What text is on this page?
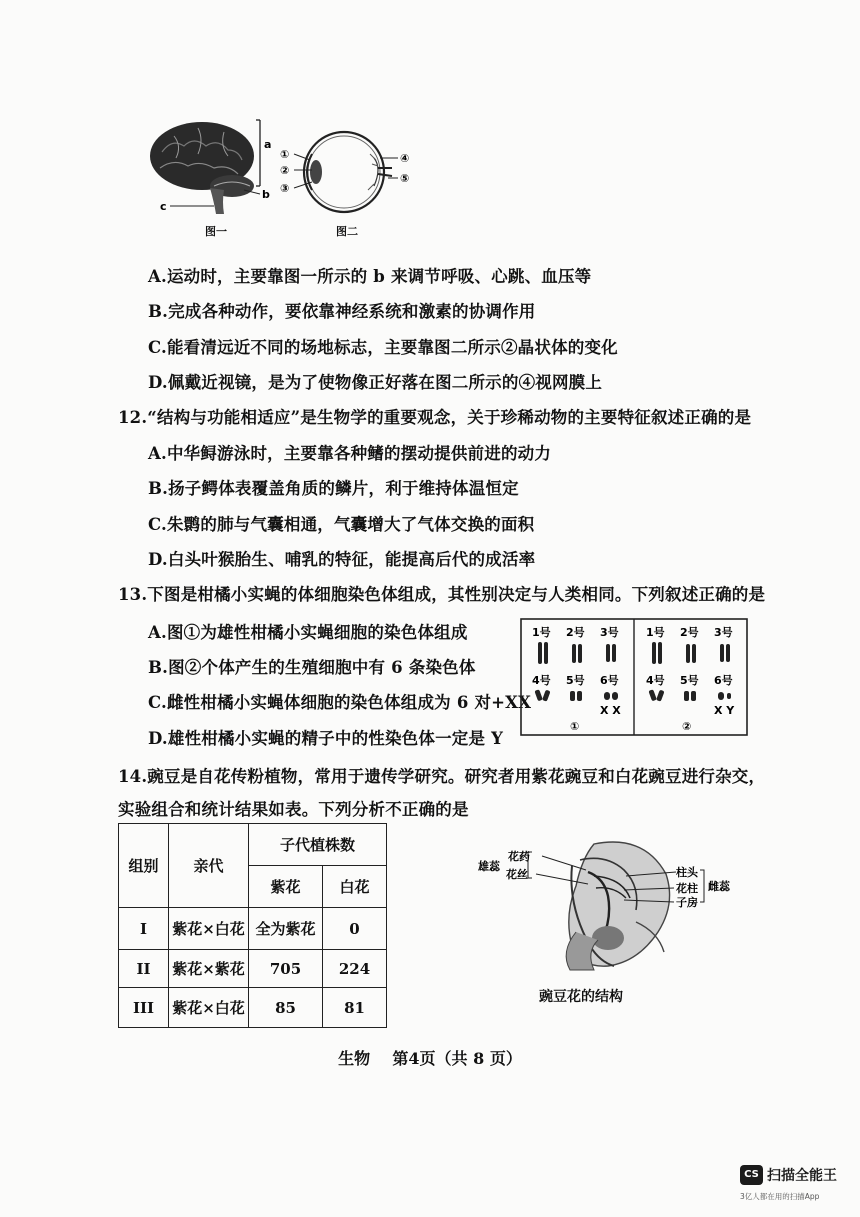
a
b
c
图一
①
②
③
④
⑤
图二
A.运动时，主要靠图一所示的 b 来调节呼吸、心跳、血压等
B.完成各种动作，要依靠神经系统和激素的协调作用
C.能看清远近不同的场地标志，主要靠图二所示②晶状体的变化
D.佩戴近视镜，是为了使物像正好落在图二所示的④视网膜上
12.“结构与功能相适应”是生物学的重要观念，关于珍稀动物的主要特征叙述正确的是
A.中华鲟游泳时，主要靠各种鳍的摆动提供前进的动力
B.扬子鳄体表覆盖角质的鳞片，利于维持体温恒定
C.朱鹮的肺与气囊相通，气囊增大了气体交换的面积
D.白头叶猴胎生、哺乳的特征，能提高后代的成活率
13.下图是柑橘小实蝇的体细胞染色体组成，其性别决定与人类相同。下列叙述正确的是
A.图①为雄性柑橘小实蝇细胞的染色体组成
B.图②个体产生的生殖细胞中有 6 条染色体
C.雌性柑橘小实蝇体细胞的染色体组成为 6 对+XX
D.雄性柑橘小实蝇的精子中的性染色体一定是 Y
1号 2号 3号
4号 5号 6号
X X
①
1号 2号 3号
4号 5号 6号
X Y
②
14.豌豆是自花传粉植物，常用于遗传学研究。研究者用紫花豌豆和白花豌豆进行杂交，
实验组合和统计结果如表。下列分析不正确的是
组别	亲代	子代植株数	
		紫花	白花
I	紫花×白花	全为紫花	0
II	紫花×紫花	705	224
III	紫花×白花	85	81
花药
花丝
雄蕊	柱头
花柱
子房
雌蕊
豌豆花的结构
生物    第4页（共 8 页）
CS 扫描全能王
3亿人都在用的扫描App
